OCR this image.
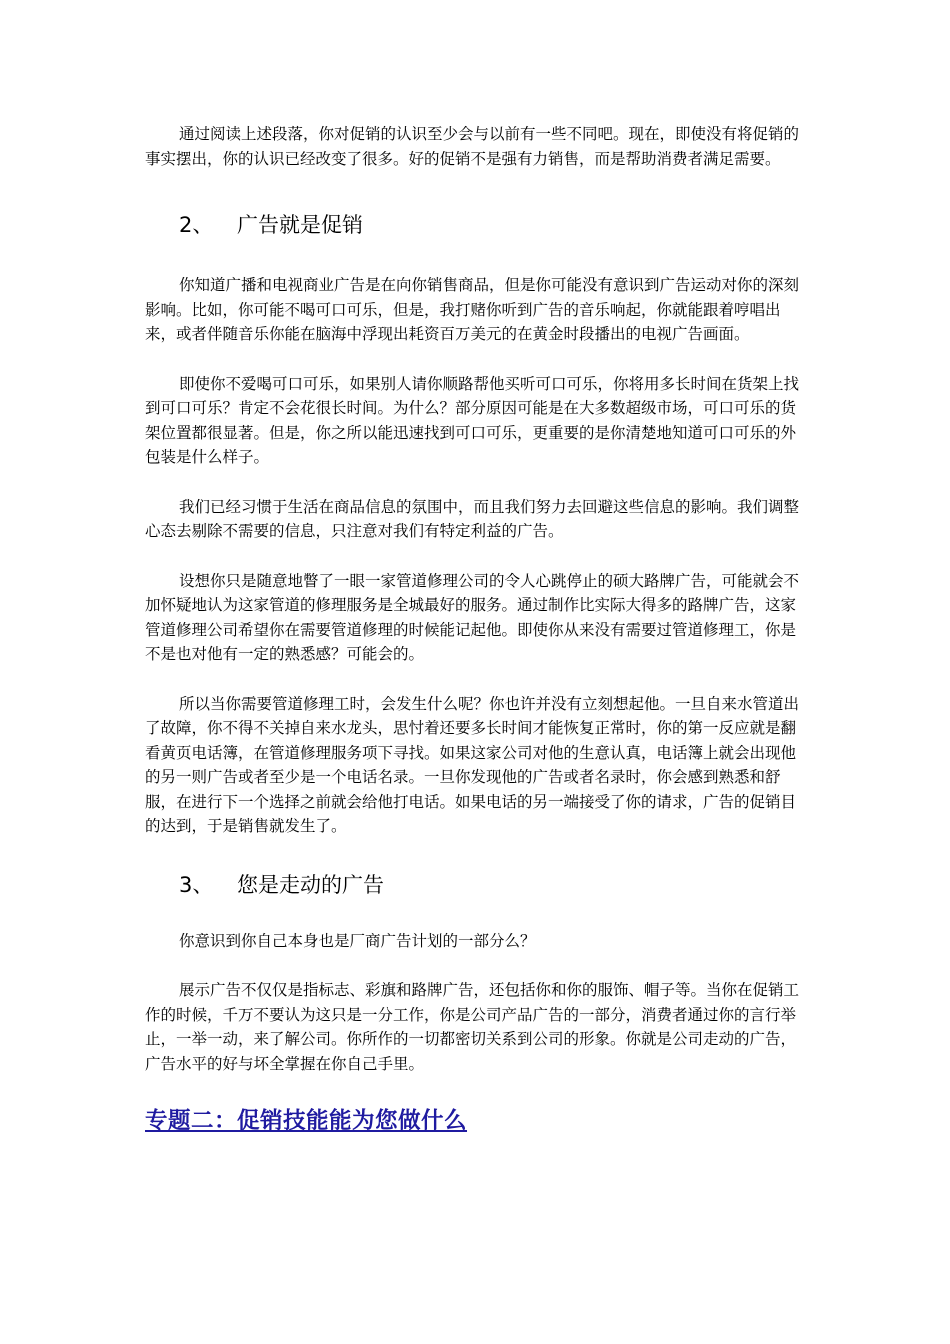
通过阅读上述段落，你对促销的认识至少会与以前有一些不同吧。现在，即使没有将促销的事实摆出，你的认识已经改变了很多。好的促销不是强有力销售，而是帮助消费者满足需要。

2、 广告就是促销

你知道广播和电视商业广告是在向你销售商品，但是你可能没有意识到广告运动对你的深刻影响。比如，你可能不喝可口可乐，但是，我打赌你听到广告的音乐响起，你就能跟着哼唱出来，或者伴随音乐你能在脑海中浮现出耗资百万美元的在黄金时段播出的电视广告画面。

即使你不爱喝可口可乐，如果别人请你顺路帮他买听可口可乐，你将用多长时间在货架上找到可口可乐？肯定不会花很长时间。为什么？部分原因可能是在大多数超级市场，可口可乐的货架位置都很显著。但是，你之所以能迅速找到可口可乐，更重要的是你清楚地知道可口可乐的外包装是什么样子。

我们已经习惯于生活在商品信息的氛围中，而且我们努力去回避这些信息的影响。我们调整心态去剔除不需要的信息，只注意对我们有特定利益的广告。

设想你只是随意地瞥了一眼一家管道修理公司的令人心跳停止的硕大路牌广告，可能就会不加怀疑地认为这家管道的修理服务是全城最好的服务。通过制作比实际大得多的路牌广告，这家管道修理公司希望你在需要管道修理的时候能记起他。即使你从来没有需要过管道修理工，你是不是也对他有一定的熟悉感？可能会的。

所以当你需要管道修理工时，会发生什么呢？你也许并没有立刻想起他。一旦自来水管道出了故障，你不得不关掉自来水龙头，思忖着还要多长时间才能恢复正常时，你的第一反应就是翻看黄页电话簿，在管道修理服务项下寻找。如果这家公司对他的生意认真，电话簿上就会出现他的另一则广告或者至少是一个电话名录。一旦你发现他的广告或者名录时，你会感到熟悉和舒服，在进行下一个选择之前就会给他打电话。如果电话的另一端接受了你的请求，广告的促销目的达到，于是销售就发生了。

3、 您是走动的广告

你意识到你自己本身也是厂商广告计划的一部分么？

展示广告不仅仅是指标志、彩旗和路牌广告，还包括你和你的服饰、帽子等。当你在促销工作的时候，千万不要认为这只是一分工作，你是公司产品广告的一部分，消费者通过你的言行举止，一举一动，来了解公司。你所作的一切都密切关系到公司的形象。你就是公司走动的广告，广告水平的好与坏全掌握在你自己手里。

专题二：促销技能能为您做什么
